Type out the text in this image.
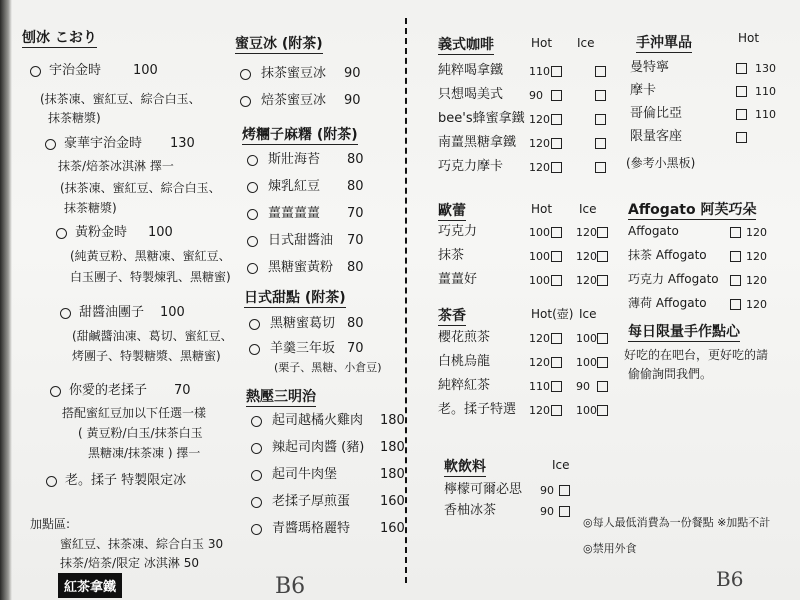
刨冰 こおり
宇治金時 100
(抹茶凍、蜜紅豆、綜合白玉、
抹茶糖漿)
豪華宇治金時 130
抹茶/焙茶冰淇淋 擇一
(抹茶凍、蜜紅豆、綜合白玉、
抹茶糖漿)
黃粉金時 100
(純黃豆粉、黑糖凍、蜜紅豆、
白玉團子、特製煉乳、黑糖蜜)
甜醬油團子 100
(甜鹹醬油凍、葛切、蜜紅豆、
烤團子、特製糖漿、黑糖蜜)
你愛的老揉子 70
搭配蜜紅豆加以下任選一樣
( 黃豆粉/白玉/抹茶白玉
黑糖凍/抹茶凍 ) 擇一
老。揉子 特製限定冰
加點區:
蜜紅豆、抹茶凍、綜合白玉 30
抹茶/焙茶/限定 冰淇淋 50
蜜豆冰 (附茶)
抹茶蜜豆冰 90
焙茶蜜豆冰 90
烤糰子麻糬 (附茶)
斯壯海苔 80
煉乳紅豆 80
薑薑薑薑 70
日式甜醬油 70
黑糖蜜黃粉 80
日式甜點 (附茶)
黑糖蜜葛切 80
羊羹三年坂 70
(栗子、黑糖、小倉豆)
熱壓三明治
起司越橘火雞肉 180
辣起司肉醬 (豬) 180
起司牛肉堡	180
老揉子厚煎蛋 160
青醬瑪格麗特 160
義式咖啡	Hot Ice
純粹喝拿鐵 110
只想喝美式 90
bee's蜂蜜拿鐵 120
南薑黑糖拿鐵 120
巧克力摩卡 120
歐蕾	Hot Ice
巧克力	100 120
抹茶	100 120
薑薑好	100 120
茶香	Hot(壺) Ice
櫻花煎茶	120 100
白桃烏龍	120 100
純粹紅茶	110 90
老。揉子特選 120 100
軟飲料	Ice
檸檬可爾必思 90
香柚冰茶	90
手沖單品	Hot
曼特寧	130
摩卡	110
哥倫比亞	110
限量客座
(參考小黑板)
Affogato 阿芙巧朵
Affogato	120
抹茶 Affogato	120
巧克力 Affogato 120
薄荷 Affogato	120
每日限量手作點心
好吃的在吧台，更好吃的請
偷偷詢問我們。
◎每人最低消費為一份餐點 ※加點不計
◎禁用外食
B6	B6
紅茶拿鐵
